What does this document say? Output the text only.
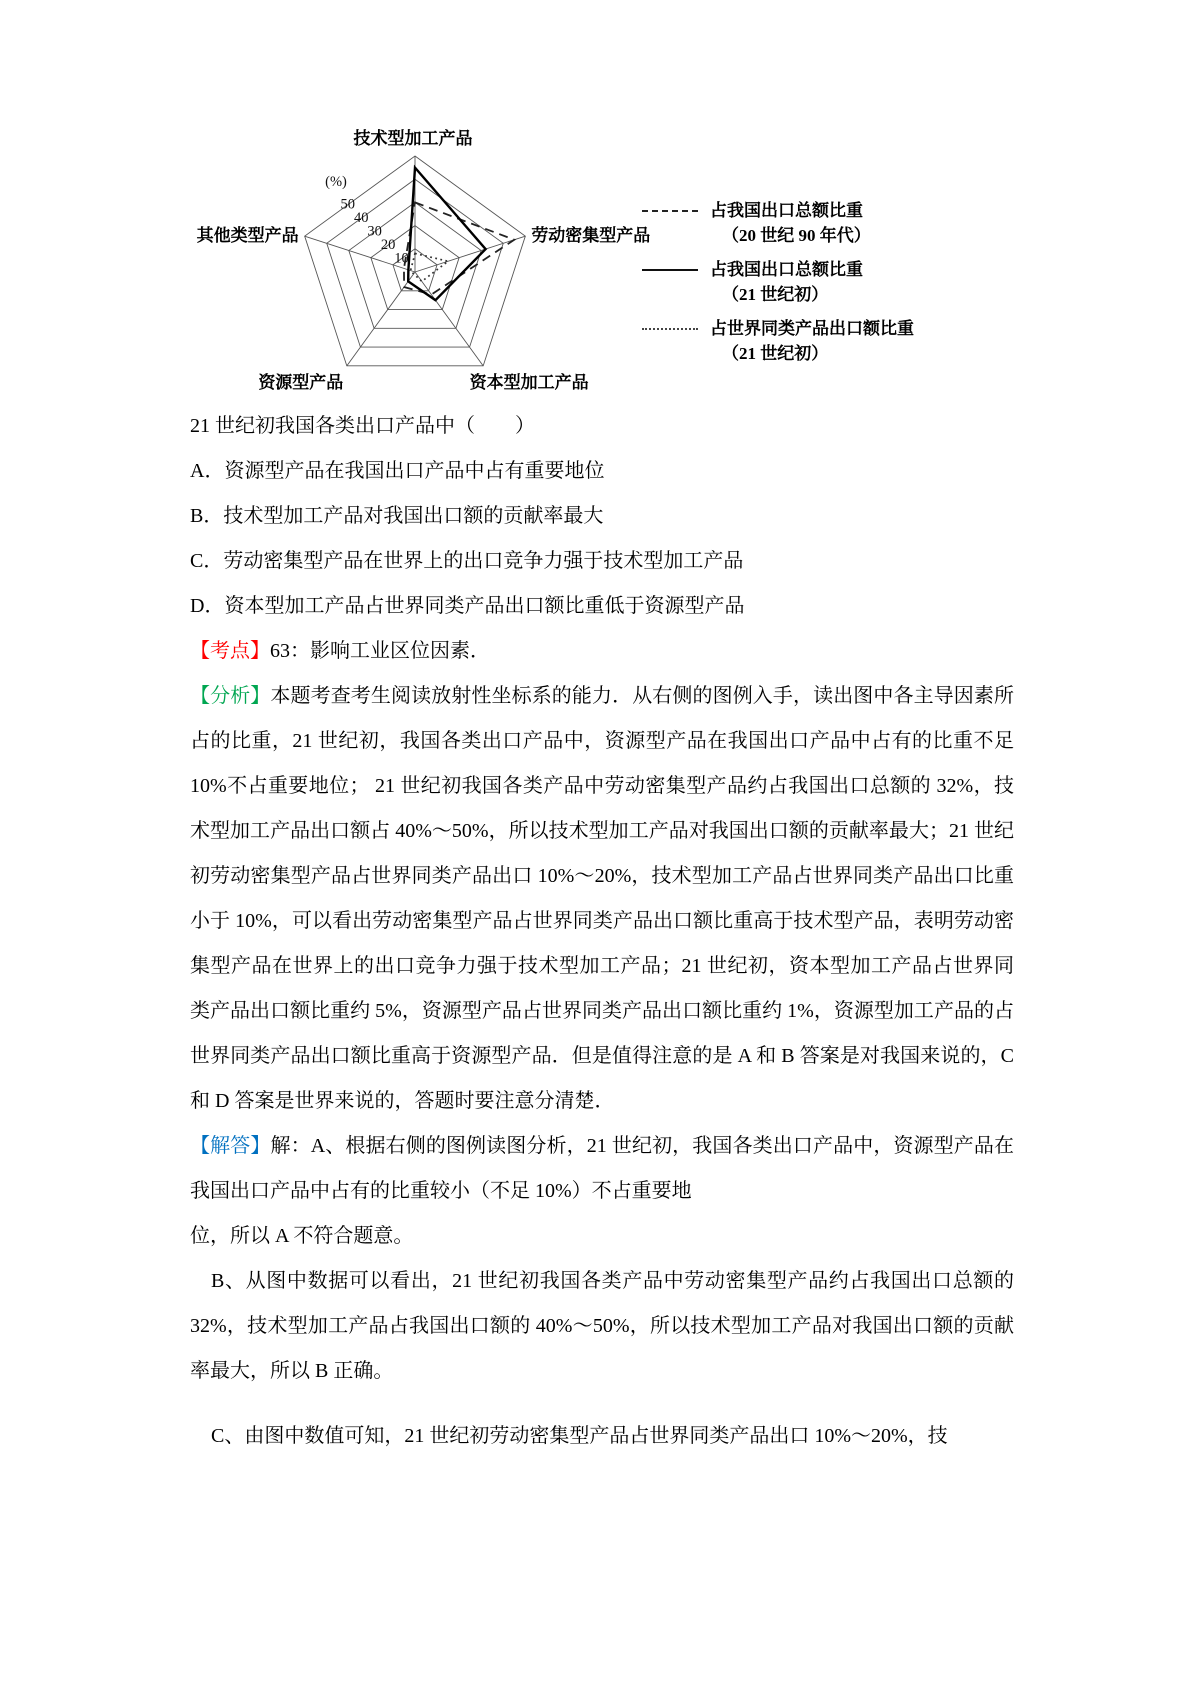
10
20
30
40
50
(%)
技术型加工产品
劳动密集型产品
资本型加工产品
资源型产品
其他类型产品
占我国出口总额比重
（20 世纪 90 年代）
占我国出口总额比重
（21 世纪初）
占世界同类产品出口额比重
（21 世纪初）

21 世纪初我国各类出口产品中（　　）

A．资源型产品在我国出口产品中占有重要地位

B．技术型加工产品对我国出口额的贡献率最大

C．劳动密集型产品在世界上的出口竞争力强于技术型加工产品

D．资本型加工产品占世界同类产品出口额比重低于资源型产品

【考点】63：影响工业区位因素．

【分析】本题考查考生阅读放射性坐标系的能力．从右侧的图例入手，读出图中各主导因素所占的比重，21 世纪初，我国各类出口产品中，资源型产品在我国出口产品中占有的比重不足 10%不占重要地位； 21 世纪初我国各类产品中劳动密集型产品约占我国出口总额的 32%，技术型加工产品出口额占 40%～50%，所以技术型加工产品对我国出口额的贡献率最大；21 世纪初劳动密集型产品占世界同类产品出口 10%～20%，技术型加工产品占世界同类产品出口比重小于 10%，可以看出劳动密集型产品占世界同类产品出口额比重高于技术型产品，表明劳动密集型产品在世界上的出口竞争力强于技术型加工产品；21 世纪初，资本型加工产品占世界同类产品出口额比重约 5%，资源型产品占世界同类产品出口额比重约 1%，资源型加工产品的占世界同类产品出口额比重高于资源型产品．但是值得注意的是 A 和 B 答案是对我国来说的，C 和 D 答案是世界来说的，答题时要注意分清楚．

【解答】解：A、根据右侧的图例读图分析，21 世纪初，我国各类出口产品中，资源型产品在我国出口产品中占有的比重较小（不足 10%）不占重要地

位，所以 A 不符合题意。

B、从图中数据可以看出，21 世纪初我国各类产品中劳动密集型产品约占我国出口总额的 32%，技术型加工产品占我国出口额的 40%～50%，所以技术型加工产品对我国出口额的贡献率最大，所以 B 正确。

C、由图中数值可知，21 世纪初劳动密集型产品占世界同类产品出口 10%～20%，技
